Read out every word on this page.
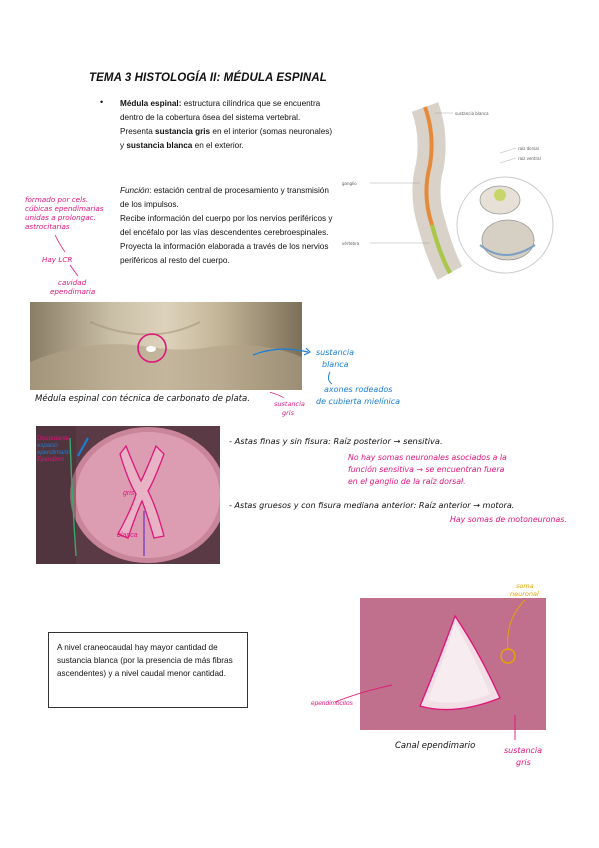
TEMA 3 HISTOLOGÍA II: MÉDULA ESPINAL
• Médula espinal: estructura cilíndrica que se encuentra dentro de la cobertura ósea del sistema vertebral.
Presenta sustancia gris en el interior (somas neuronales) y sustancia blanca en el exterior.
Función: estación central de procesamiento y transmisión de los impulsos.
Recibe información del cuerpo por los nervios periféricos y del encéfalo por las vías descendentes cerebroespinales.
Proyecta la información elaborada a través de los nervios periféricos al resto del cuerpo.
sustancia blanca
raíz dorsal
raíz ventral
ganglio
vértebra
formado por cels.
cúbicas ependimarias
unidas a prolongac.
astrocitarias
Hay LCR
cavidad
ependimaria
sustancia
blanca
axones rodeados
de cubierta mielínica
Médula espinal con técnica de carbonato de plata.	sustancia
gris
Discordante
espacio
ependimario
Ependimo
gris
blanca
- Astas finas y sin fisura: Raíz posterior → sensitiva.
No hay somas neuronales asociados a la
función sensitiva → se encuentran fuera
en el ganglio de la raíz dorsal.
- Astas gruesos y con fisura mediana anterior: Raíz anterior → motora.
Hay somas de motoneuronas.
soma
neuronal
ependimocitos
Canal ependimario	sustancia
gris
A nivel craneocaudal hay mayor cantidad de sustancia blanca (por la presencia de más fibras ascendentes) y a nivel caudal menor cantidad.
